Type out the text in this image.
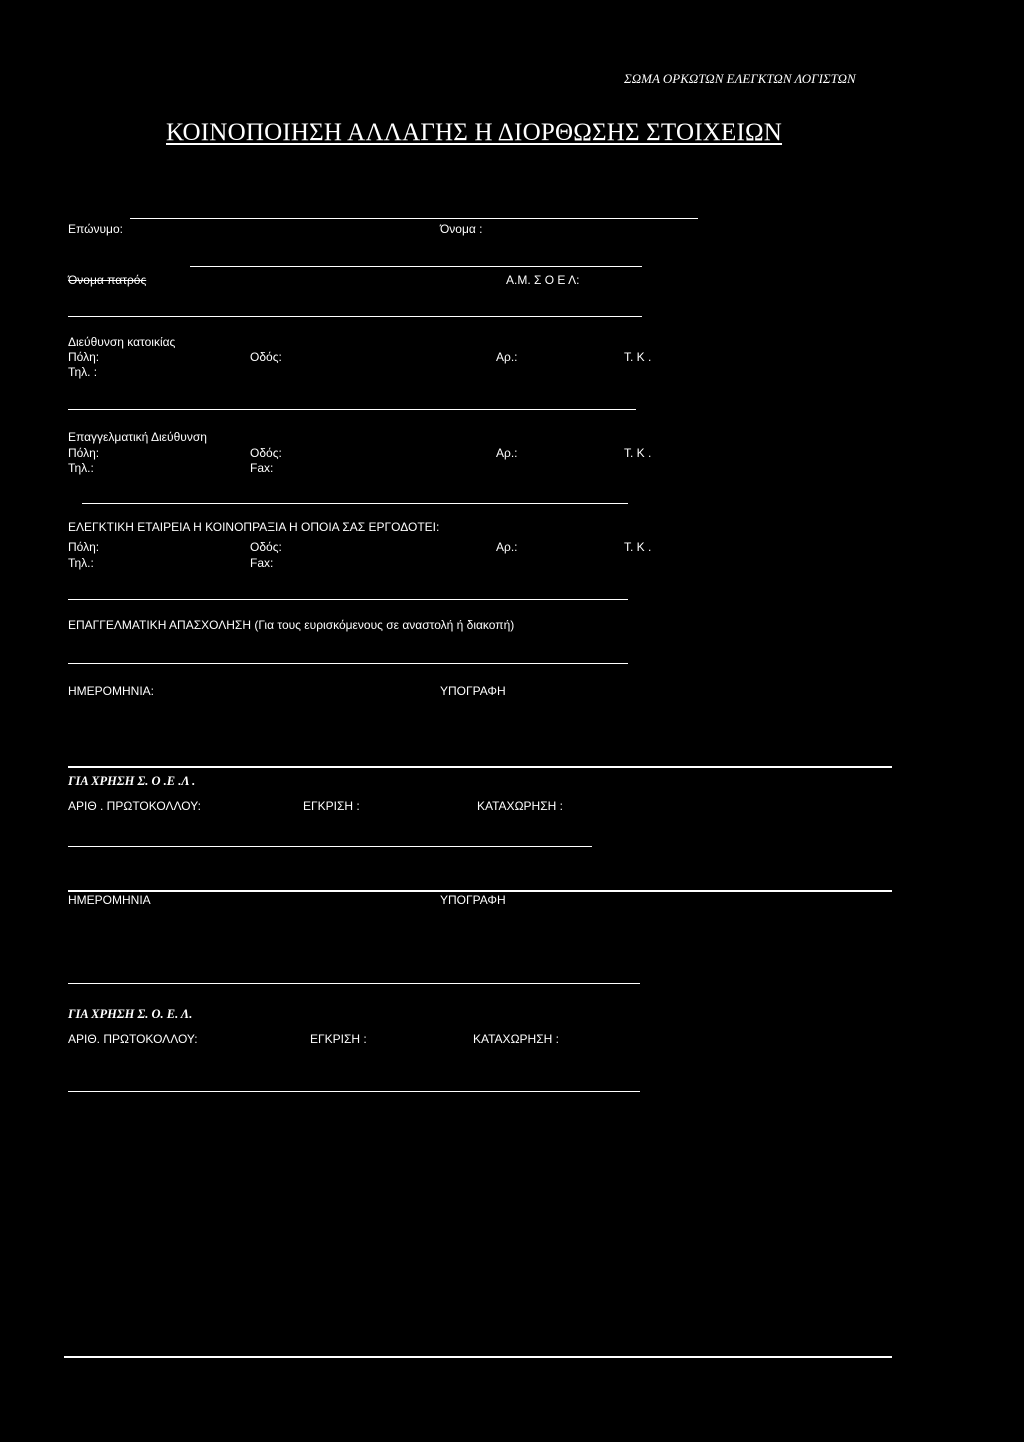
ΣΩΜΑ ΟΡΚΩΤΩΝ ΕΛΕΓΚΤΩΝ ΛΟΓΙΣΤΩΝ
ΚΟΙΝΟΠΟΙΗΣΗ ΑΛΛΑΓΗΣ Η ΔΙΟΡΘΩΣΗΣ ΣΤΟΙΧΕΙΩΝ
Επώνυμο:	Όνομα :
Όνομα πατρός	Α.Μ. Σ Ο Ε Λ:
Διεύθυνση κατοικίας
Πόλη:	Οδός:	Αρ.:	Τ. Κ .
Τηλ. :
Επαγγελματική Διεύθυνση
Πόλη:	Οδός:	Αρ.:	Τ. Κ .
Τηλ.:	Fax:
ΕΛΕΓΚΤΙΚΗ ΕΤΑΙΡΕΙΑ Η ΚΟΙΝΟΠΡΑΞΙΑ Η ΟΠΟΙΑ ΣΑΣ ΕΡΓΟΔΟΤΕΙ:
Πόλη:	Οδός:	Αρ.:	Τ. Κ .
Τηλ.:	Fax:
ΕΠΑΓΓΕΛΜΑΤΙΚΗ ΑΠΑΣΧΟΛΗΣΗ (Για τους ευρισκόμενους σε αναστολή ή διακοπή)
ΗΜΕΡΟΜΗΝΙΑ:	ΥΠΟΓΡΑΦΗ
ΓΙΑ ΧΡΗΣΗ Σ. Ο .Ε .Λ .
ΑΡΙΘ . ΠΡΩΤΟΚΟΛΛΟΥ:	ΕΓΚΡΙΣΗ :	ΚΑΤΑΧΩΡΗΣΗ :
ΗΜΕΡΟΜΗΝΙΑ	ΥΠΟΓΡΑΦΗ
ΓΙΑ ΧΡΗΣΗ Σ. Ο. Ε. Λ.
ΑΡΙΘ. ΠΡΩΤΟΚΟΛΛΟΥ:	ΕΓΚΡΙΣΗ :	ΚΑΤΑΧΩΡΗΣΗ :
